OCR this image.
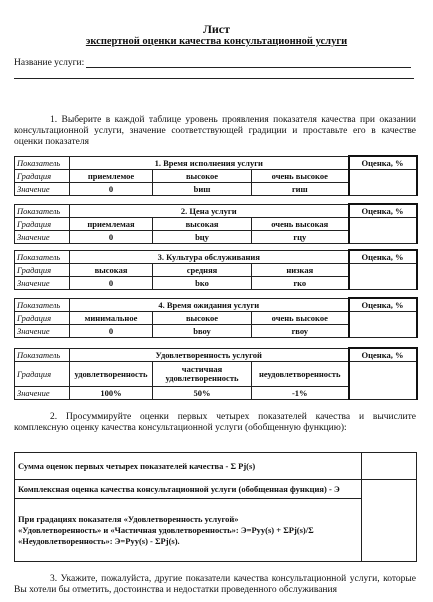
Лист
экспертной оценки качества консультационной услуги
Название услуги:
1. Выберите в каждой таблице уровень проявления показателя качества при оказании консультационной услуги, значение соответствующей градиции и проставьте его в качестве оценки показателя
Показатель	1. Время исполнения услуги			Оценка, %
Градация	приемлемое	высокое	очень высокое	
Значение	0	bиш	rиш	
Показатель	2. Цена услуги			Оценка, %
Градация	приемлемая	высокая	очень высокая	
Значение	0	bцу	rцу	
Показатель	3. Культура обслуживания			Оценка, %
Градация	высокая	средняя	низкая	
Значение	0	bко	rко	
Показатель	4. Время ожидания услуги			Оценка, %
Градация	минимальное	высокое	очень высокое	
Значение	0	bвоу	rвоу	
Показатель	Удовлетворенность услугой			Оценка, %
Градация	удовлетворенность	частичная удовлетворенность	неудовлетворенность	
Значение	100%	50%	-1%	
2. Просуммируйте оценки первых четырех показателей качества и вычислите комплексную оценку качества консультационной услуги (обобщенную функцию):
Сумма оценок первых четырех показателей качества - Σ Pj(s)	
Комплексная оценка качества консультационной услуги (обобщенная функция) - Э	

При градациях показателя «Удовлетворенность услугой»
«Удовлетворенность» и «Частичная удовлетворенность»: Э=Pуу(s) + ΣPj(s)/Σ
«Неудовлетворенность»: Э=Pуу(s) - ΣPj(s).	
3. Укажите, пожалуйста, другие показатели качества консультационной услуги, которые Вы хотели бы отметить, достоинства и недостатки проведенного обслуживания
